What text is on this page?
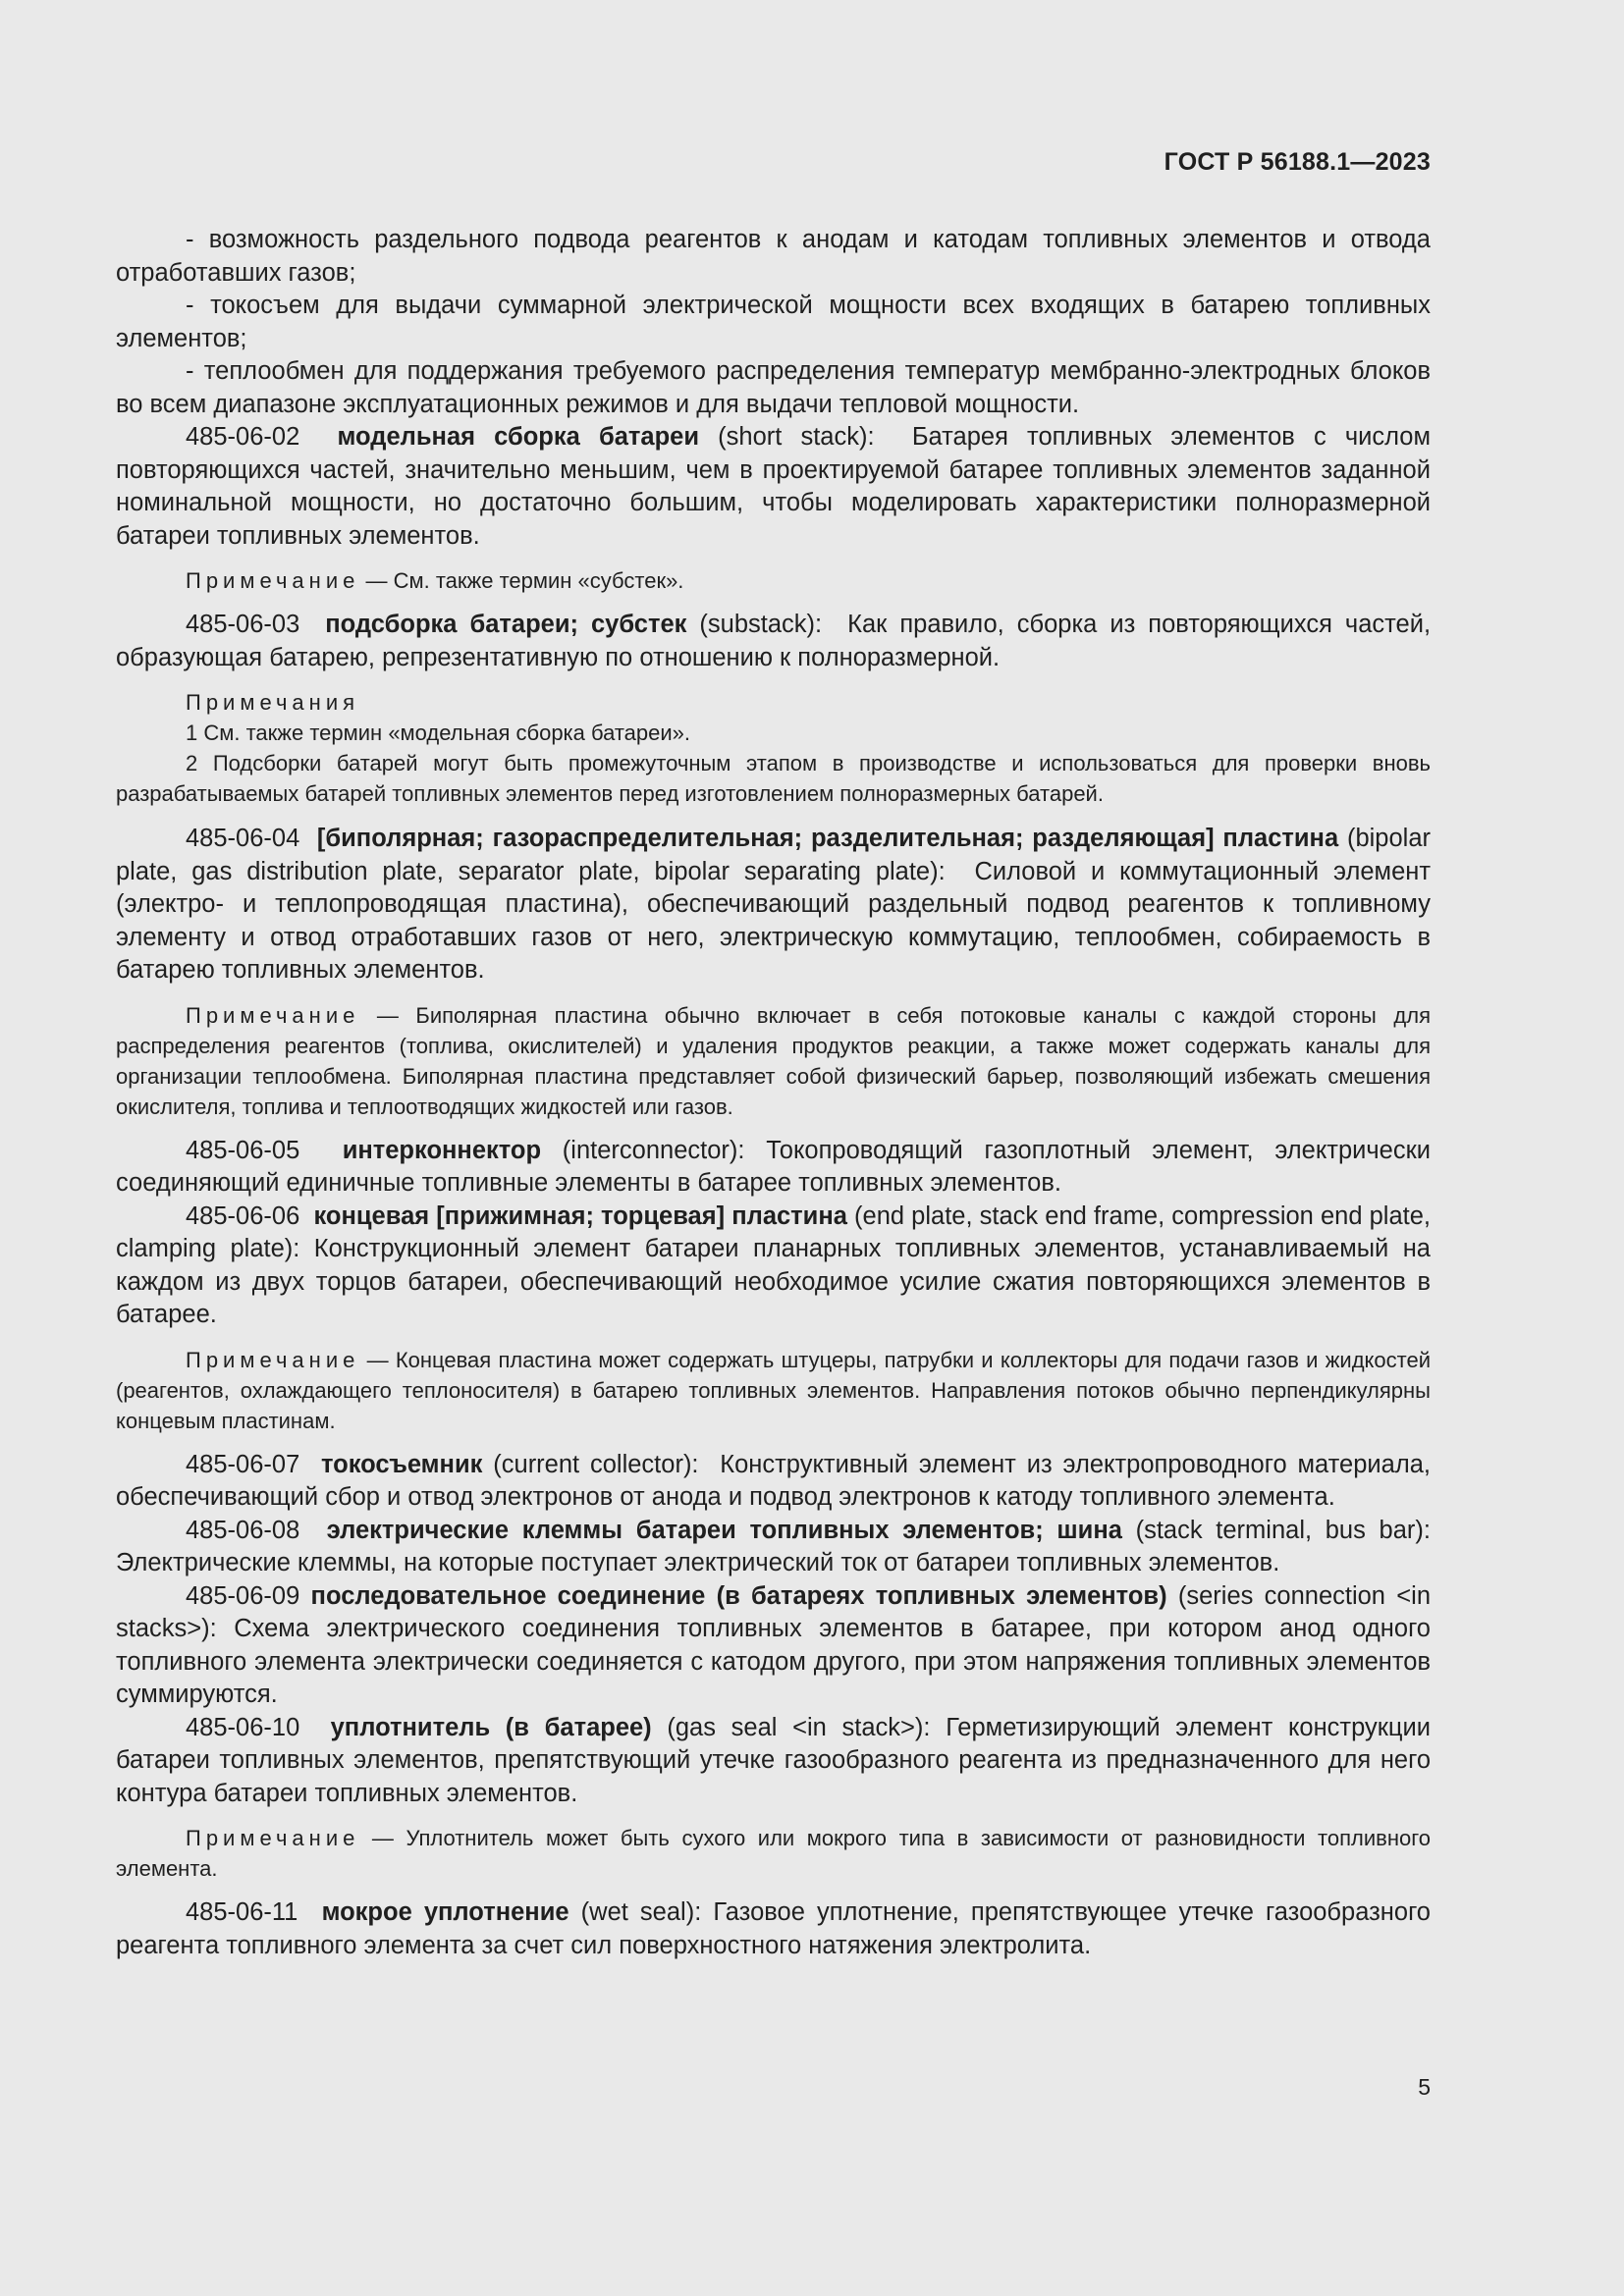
ГОСТ Р 56188.1—2023

- возможность раздельного подвода реагентов к анодам и катодам топливных элементов и отвода отработавших газов;

- токосъем для выдачи суммарной электрической мощности всех входящих в батарею топливных элементов;

- теплообмен для поддержания требуемого распределения температур мембранно-электродных блоков во всем диапазоне эксплуатационных режимов и для выдачи тепловой мощности.

485-06-02 модельная сборка батареи (short stack): Батарея топливных элементов с числом повторяющихся частей, значительно меньшим, чем в проектируемой батарее топливных элементов заданной номинальной мощности, но достаточно большим, чтобы моделировать характеристики полноразмерной батареи топливных элементов.

Примечание — См. также термин «субстек».

485-06-03 подсборка батареи; субстек (substack): Как правило, сборка из повторяющихся частей, образующая батарею, репрезентативную по отношению к полноразмерной.

Примечания

1 См. также термин «модельная сборка батареи».

2 Подсборки батарей могут быть промежуточным этапом в производстве и использоваться для проверки вновь разрабатываемых батарей топливных элементов перед изготовлением полноразмерных батарей.

485-06-04 [биполярная; газораспределительная; разделительная; разделяющая] пластина (bipolar plate, gas distribution plate, separator plate, bipolar separating plate): Силовой и коммутационный элемент (электро- и теплопроводящая пластина), обеспечивающий раздельный подвод реагентов к топливному элементу и отвод отработавших газов от него, электрическую коммутацию, теплообмен, собираемость в батарею топливных элементов.

Примечание — Биполярная пластина обычно включает в себя потоковые каналы с каждой стороны для распределения реагентов (топлива, окислителей) и удаления продуктов реакции, а также может содержать каналы для организации теплообмена. Биполярная пластина представляет собой физический барьер, позволяющий избежать смешения окислителя, топлива и теплоотводящих жидкостей или газов.

485-06-05 интерконнектор (interconnector): Токопроводящий газоплотный элемент, электрически соединяющий единичные топливные элементы в батарее топливных элементов.

485-06-06 концевая [прижимная; торцевая] пластина (end plate, stack end frame, compression end plate, clamping plate): Конструкционный элемент батареи планарных топливных элементов, устанавливаемый на каждом из двух торцов батареи, обеспечивающий необходимое усилие сжатия повторяющихся элементов в батарее.

Примечание — Концевая пластина может содержать штуцеры, патрубки и коллекторы для подачи газов и жидкостей (реагентов, охлаждающего теплоносителя) в батарею топливных элементов. Направления потоков обычно перпендикулярны концевым пластинам.

485-06-07 токосъемник (current collector): Конструктивный элемент из электропроводного материала, обеспечивающий сбор и отвод электронов от анода и подвод электронов к катоду топливного элемента.

485-06-08 электрические клеммы батареи топливных элементов; шина (stack terminal, bus bar): Электрические клеммы, на которые поступает электрический ток от батареи топливных элементов.

485-06-09 последовательное соединение (в батареях топливных элементов) (series connection <in stacks>): Схема электрического соединения топливных элементов в батарее, при котором анод одного топливного элемента электрически соединяется с катодом другого, при этом напряжения топливных элементов суммируются.

485-06-10 уплотнитель (в батарее) (gas seal <in stack>): Герметизирующий элемент конструкции батареи топливных элементов, препятствующий утечке газообразного реагента из предназначенного для него контура батареи топливных элементов.

Примечание — Уплотнитель может быть сухого или мокрого типа в зависимости от разновидности топливного элемента.

485-06-11 мокрое уплотнение (wet seal): Газовое уплотнение, препятствующее утечке газообразного реагента топливного элемента за счет сил поверхностного натяжения электролита.

5
